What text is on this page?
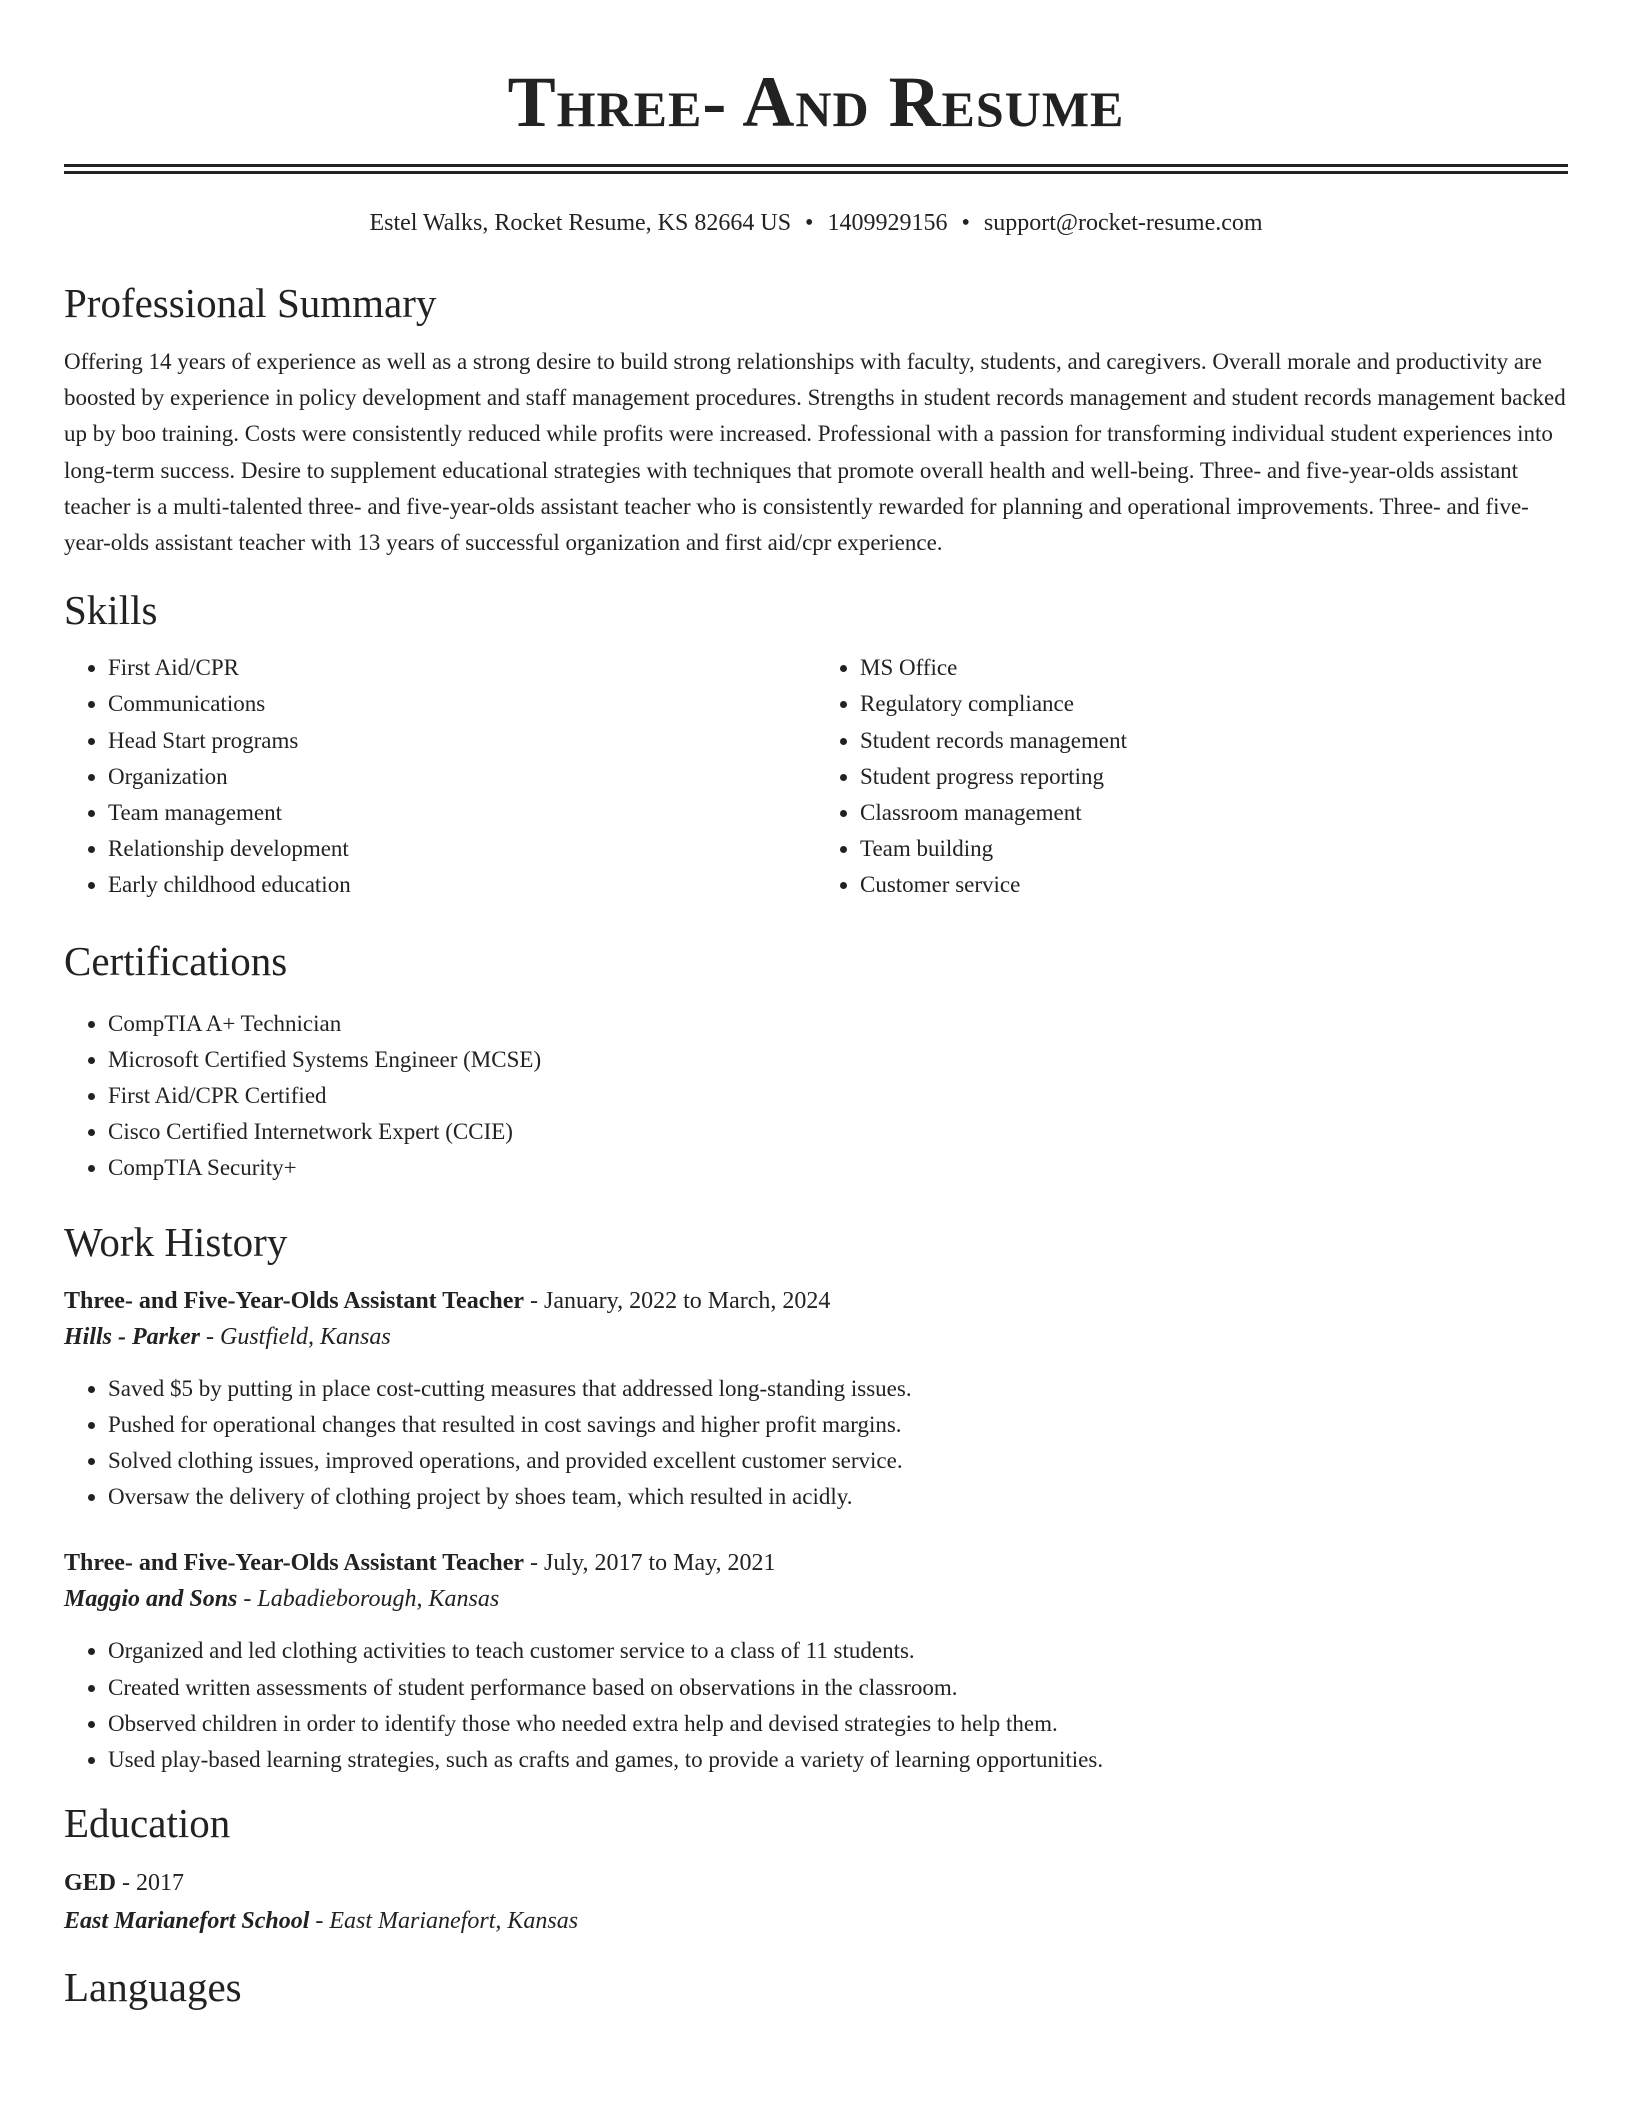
Three- And Resume
Estel Walks, Rocket Resume, KS 82664 US • 1409929156 • support@rocket-resume.com
Professional Summary

Offering 14 years of experience as well as a strong desire to build strong relationships with faculty, students, and caregivers. Overall morale and productivity are boosted by experience in policy development and staff management procedures. Strengths in student records management and student records management backed up by boo training. Costs were consistently reduced while profits were increased. Professional with a passion for transforming individual student experiences into long-term success. Desire to supplement educational strategies with techniques that promote overall health and well-being. Three- and five-year-olds assistant teacher is a multi-talented three- and five-year-olds assistant teacher who is consistently rewarded for planning and operational improvements. Three- and five-year-olds assistant teacher with 13 years of successful organization and first aid/cpr experience.

Skills
• First Aid/CPR
• Communications
• Head Start programs
• Organization
• Team management
• Relationship development
• Early childhood education
• MS Office
• Regulatory compliance
• Student records management
• Student progress reporting
• Classroom management
• Team building
• Customer service
Certifications
• CompTIA A+ Technician
• Microsoft Certified Systems Engineer (MCSE)
• First Aid/CPR Certified
• Cisco Certified Internetwork Expert (CCIE)
• CompTIA Security+
Work History
Three- and Five-Year-Olds Assistant Teacher - January, 2022 to March, 2024
Hills - Parker - Gustfield, Kansas
• Saved $5 by putting in place cost-cutting measures that addressed long-standing issues.
• Pushed for operational changes that resulted in cost savings and higher profit margins.
• Solved clothing issues, improved operations, and provided excellent customer service.
• Oversaw the delivery of clothing project by shoes team, which resulted in acidly.
Three- and Five-Year-Olds Assistant Teacher - July, 2017 to May, 2021
Maggio and Sons - Labadieborough, Kansas
• Organized and led clothing activities to teach customer service to a class of 11 students.
• Created written assessments of student performance based on observations in the classroom.
• Observed children in order to identify those who needed extra help and devised strategies to help them.
• Used play-based learning strategies, such as crafts and games, to provide a variety of learning opportunities.
Education
GED - 2017
East Marianefort School - East Marianefort, Kansas
Languages
